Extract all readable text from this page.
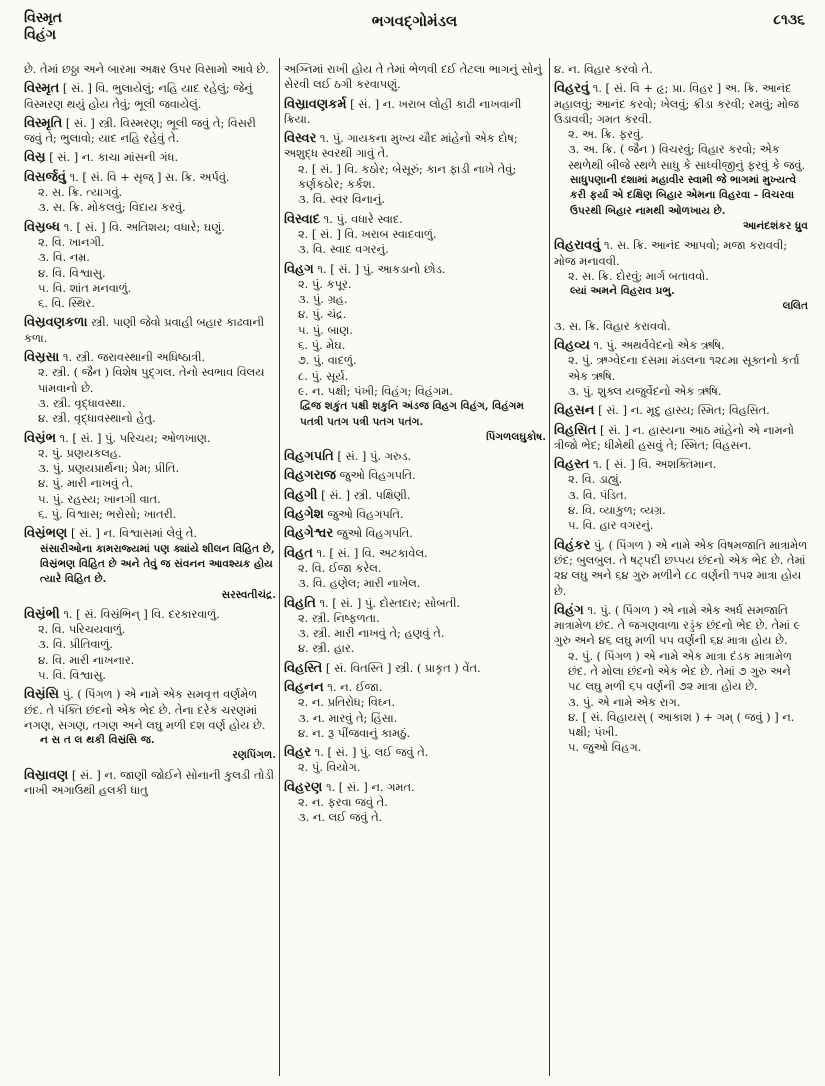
વિસ્મૃત
વિહંગ
ભગવદ્ગોમંડલ	૮૧૩૬
છે. તેમાં છઠ્ઠા અને બારમા અક્ષર ઉપર વિસામો આવે છે.
વિસ્મૃત [ સં. ] વિ. ભુલાયેલું; નહિ યાદ રહેલું; જેનું વિસ્મરણ થયું હોય તેવું; ભૂલી જવાયેલું.
વિસ્મૃતિ [ સં. ] સ્ત્રી. વિસ્મરણ; ભૂલી જવું તે; વિસરી જવું તે; ભુલાવો; યાદ નહિ રહેવું તે.
વિસ્ર [ સં. ] ન. કાચા માંસની ગંધ.
વિસર્જવું ૧. [ સં. વિ + સૃજ્ ] સ. ક્રિ. અર્પવું.
૨. સ. ક્રિ. ત્યાગવું.
૩. સ. ક્રિ. મોકલવું; વિદાય કરવું.
વિસ્રબ્ધ ૧. [ સં. ] વિ. અતિશય; વધારે; ઘણું.
૨. વિ. ખાનગી.
૩. વિ. નમ્ર.
૪. વિ. વિશ્વાસુ.
૫. વિ. શાંત મનવાળું.
૬. વિ. સ્થિર.
વિસ્રવણકળા સ્ત્રી. પાણી જેવો પ્રવાહી બહાર કાઢવાની કળા.
વિસ્રસા ૧. સ્ત્રી. જરાવસ્થાની અધિષ્ઠાત્રી.
૨. સ્ત્રી. ( જૈન ) વિશેષ પુદ્ગલ. તેનો સ્વભાવ વિલય પામવાનો છે.
૩. સ્ત્રી. વૃદ્ધાવસ્થા.
૪. સ્ત્રી. વૃદ્ધાવસ્થાનો હેતુ.
વિસ્રંભ ૧. [ સં. ] પું. પરિચય; ઓળખાણ.
૨. પું. પ્રણયકલહ.
૩. પું. પ્રણયપ્રાર્થના; પ્રેમ; પ્રીતિ.
૪. પું. મારી નાખવું તે.
૫. પું. રહસ્ય; ખાનગી વાત.
૬. પું. વિશ્વાસ; ભરોસો; ખાતરી.
વિસ્રંભણ [ સં. ] ન. વિશ્વાસમાં લેવું તે.
સંસારીઓના કામરાજ્યમાં પણ ક્યાંયે શીલન વિહિત છે, વિસ્રંભણ વિહિત છે અને તેવું જ સંવનન આવશ્યક હોય ત્યારે વિહિત છે.
સરસ્વતીચંદ્ર.
વિસ્રંભી ૧. [ સં. વિસ્રંભિન્ ] વિ. દરકારવાળું.
૨. વિ. પરિચયવાળું.
૩. વિ. પ્રીતિવાળું.
૪. વિ. મારી નાખનાર.
૫. વિ. વિશ્વાસુ.
વિસ્રંસિ પું. ( પિંગળ ) એ નામે એક સમવૃત્ત વર્ણમેળ છંદ. તે પંક્તિ છંદનો એક ભેદ છે. તેના દરેક ચરણમાં નગણ, સગણ, તગણ અને લઘુ મળી દશ વર્ણ હોય છે.
ન સ ત લ થકી વિસ્રંસિ જ.
રણપિંગળ.
વિસ્રાવણ [ સં. ] ન. જાણી જોઈને સોનાની કુલડી તોડી નાખી અગાઉથી હલકી ધાતુ
અગ્નિમાં રાખી હોય તે તેમાં ભેળવી દઈ તેટલા ભાગનું સોનું સેરવી લઈ ઠગી કરવાપણું.
વિસ્રાવણકર્મ [ સં. ] ન. ખરાબ લોહી કાઢી નાખવાની ક્રિયા.
વિસ્વર ૧. પું. ગાયકના મુખ્ય ચૌદ માંહેનો એક દોષ; અશુદ્ધ સ્વરથી ગાવું તે.
૨. [ સં. ] વિ. કઠોર; બેસૂરું; કાન ફાડી નાખે તેવું; કર્ણકઠોર; કર્કશ.
૩. વિ. સ્વર વિનાનું.
વિસ્વાદ ૧. પું. વધારે સ્વાદ.
૨. [ સં. ] વિ. ખરાબ સ્વાદવાળું.
૩. વિ. સ્વાદ વગરનું.
વિહગ ૧. [ સં. ] પું. આકડાનો છોડ.
૨. પું. કપૂર.
૩. પું. ગ્રહ.
૪. પું. ચંદ્ર.
૫. પું. બાણ.
૬. પું. મેઘ.
૭. પું. વાદળું.
૮. પું. સૂર્ય.
૯. ન. પક્ષી; પંખી; વિહંગ; વિહંગમ.
દ્વિજ શકુંત પક્ષી શકુનિ અંડજ વિહગ વિહંગ, વિહંગમ પતત્રી પતગ પત્રી પતગ પતંગ.
પિંગળલઘુકોષ.
વિહગપતિ [ સં. ] પું. ગરુડ.
વિહગરાજ જુઓ વિહગપતિ.
વિહગી [ સં. ] સ્ત્રી. પક્ષિણી.
વિહગેશ જુઓ વિહગપતિ.
વિહગેશ્વર જુઓ વિહગપતિ.
વિહત ૧. [ સં. ] વિ. અટકાવેલ.
૨. વિ. ઈજા કરેલ.
૩. વિ. હણેલ; મારી નાખેલ.
વિહતિ ૧. [ સં. ] પું. દોસ્તદાર; સોબતી.
૨. સ્ત્રી. નિષ્ફળતા.
૩. સ્ત્રી. મારી નાખવું તે; હણવું તે.
૪. સ્ત્રી. હાર.
વિહસ્તિ [ સં. વિતસ્તિ ] સ્ત્રી. ( પ્રાકૃત ) વેંત.
વિહનન ૧. ન. ઈજા.
૨. ન. પ્રતિરોધ; વિઘ્ન.
૩. ન. મારવું તે; હિંસા.
૪. ન. રૂ પીંજવાનું કામઠું.
વિહર ૧. [ સં. ] પું. લઈ જવું તે.
૨. પું. વિયોગ.
વિહરણ ૧. [ સં. ] ન. ગમત.
૨. ન. ફરવા જવું તે.
૩. ન. લઈ જવું તે.
૪. ન. વિહાર કરવો તે.
વિહરવું ૧. [ સં. વિ + હૃ; પ્રા. વિહર ] અ. ક્રિ. આનંદ મહાલવું; આનંદ કરવો; ખેલવું; ક્રીડા કરવી; રમવું; મોજ ઉડાવવી; ગમત કરવી.
૨. અ. ક્રિ. ફરવું.
૩. અ. ક્રિ. ( જૈન ) વિચરવું; વિહાર કરવો; એક સ્થળેથી બીજે સ્થળે સાધુ કે સાધ્વીજીનું ફરવું કે જવું.
સાધુપણાની દશામાં મહાવીર સ્વામી જે ભાગમાં મુખ્યત્વે કરી ફર્યા એ દક્ષિણ બિહાર એમના વિહરવા - વિચરવા ઉપરથી બિહાર નામથી ઓળખાય છે.
આનંદશંકર ધ્રુવ
વિહરાવવું ૧. સ. ક્રિ. આનંદ આપવો; મજા કરાવવી; મોજ મનાવવી.
૨. સ. ક્રિ. દોરવું; માર્ગ બતાવવો.
લ્યાં અમને વિહરાવ પ્રભુ.
લલિત
૩. સ. ક્રિ. વિહાર કરાવવો.
વિહવ્ય ૧. પું. અથર્વવેદનો એક ઋષિ.
૨. પું. ઋગ્વેદના દસમા મંડલના ૧૨૮મા સૂક્તનો કર્તા એક ઋષિ.
૩. પું. શુક્લ યજુર્વેદનો એક ઋષિ.
વિહસન [ સં. ] ન. મૃદુ હાસ્ય; સ્મિત; વિહસિત.
વિહસિત [ સં. ] ન. હાસ્યના આઠ માંહેનો એ નામનો ત્રીજો ભેદ; ધીમેથી હસવું તે; સ્મિત; વિહસન.
વિહસ્ત ૧. [ સં. ] વિ. અશક્તિમાન.
૨. વિ. ડાહ્યું.
૩. વિ. પંડિત.
૪. વિ. વ્યાકુળ; વ્યગ્ર.
૫. વિ. હાર વગરનું.
વિહંકર પું. ( પિંગળ ) એ નામે એક વિષમજાતિ માત્રામેળ છંદ; બુલબુલ. તે ષટ્પદી છપ્પય છંદનો એક ભેદ છે. તેમાં ૨૪ લઘુ અને ૬૪ ગુરુ મળીને ૮૮ વર્ણની ૧૫૨ માત્રા હોય છે.
વિહંગ ૧. પું. ( પિંગળ ) એ નામે એક અર્ધ સમજાતિ માત્રામેળ છંદ. તે જગણવાળા રડ્ડંક છંદનો ભેદ છે. તેમાં ૯ ગુરુ અને ૪૬ લઘુ મળી ૫૫ વર્ણની ૬૪ માત્રા હોય છે.
૨. પું. ( પિંગળ ) એ નામે એક માત્રા દંડક માત્રામેળ છંદ. તે મોલા છંદનો એક ભેદ છે. તેમાં ૭ ગુરુ અને ૫૮ લઘુ મળી ૬૫ વર્ણની ૭૨ માત્રા હોય છે.
૩. પું. એ નામે એક રાગ.
૪. [ સં. વિહાયસ્ ( આકાશ ) + ગમ્ ( જવું ) ] ન. પક્ષી; પંખી.
૫. જુઓ વિહગ.
